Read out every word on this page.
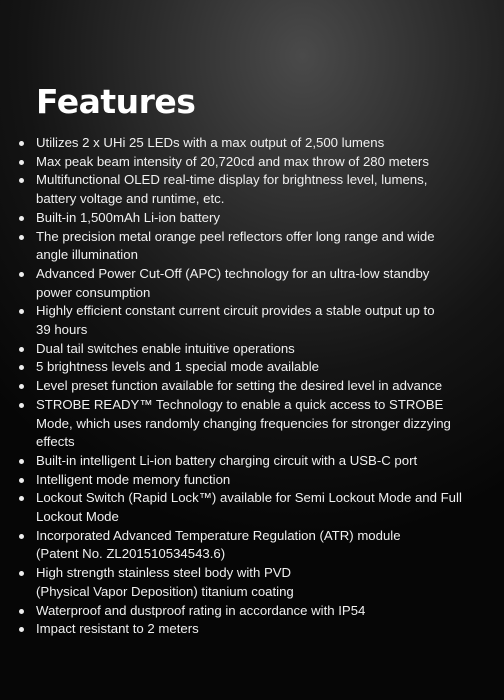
Features
Utilizes 2 x UHi 25 LEDs with a max output of 2,500 lumens
Max peak beam intensity of 20,720cd and max throw of 280 meters
Multifunctional OLED real-time display for brightness level, lumens,
battery voltage and runtime, etc.
Built-in 1,500mAh Li-ion battery
The precision metal orange peel reflectors offer long range and wide
angle illumination
Advanced Power Cut-Off (APC) technology for an ultra-low standby
power consumption
Highly efficient constant current circuit provides a stable output up to
39 hours
Dual tail switches enable intuitive operations
5 brightness levels and 1 special mode available
Level preset function available for setting the desired level in advance
STROBE READY™ Technology to enable a quick access to STROBE
Mode, which uses randomly changing frequencies for stronger dizzying
effects
Built-in intelligent Li-ion battery charging circuit with a USB-C port
Intelligent mode memory function
Lockout Switch (Rapid Lock™) available for Semi Lockout Mode and Full
Lockout Mode
Incorporated Advanced Temperature Regulation (ATR) module
(Patent No. ZL201510534543.6)
High strength stainless steel body with PVD
(Physical Vapor Deposition) titanium coating
Waterproof and dustproof rating in accordance with IP54
Impact resistant to 2 meters
